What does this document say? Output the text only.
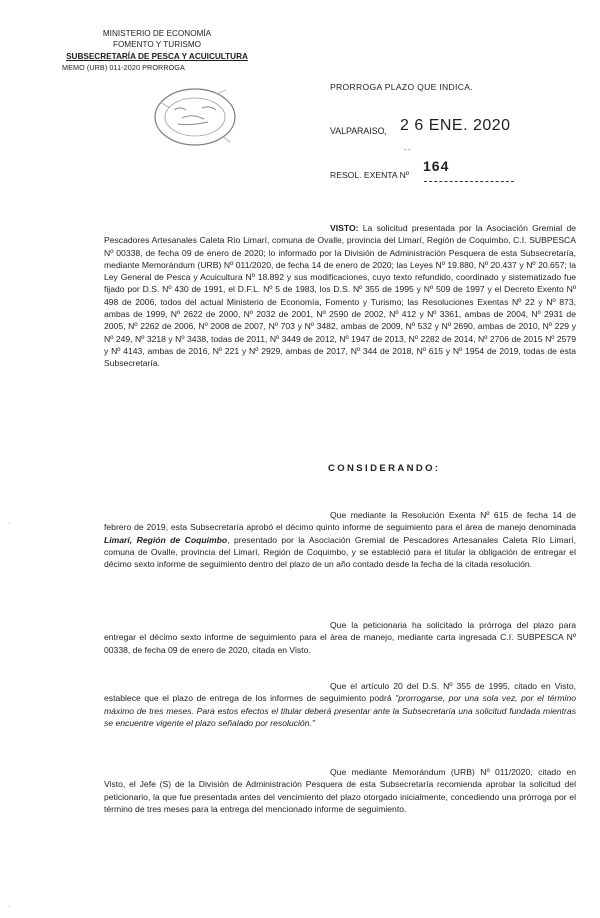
MINISTERIO DE ECONOMÍA
FOMENTO Y TURISMO
SUBSECRETARÍA DE PESCA Y ACUICULTURA
MEMO (URB) 011-2020 PRORROGA
PRORROGA PLAZO QUE INDICA.
VALPARAISO, 2 6 ENE. 2020
- -
RESOL. EXENTA Nº
164
VISTO: La solicitud presentada por la Asociación Gremial de Pescadores Artesanales Caleta Río Limarí, comuna de Ovalle, provincia del Limarí, Región de Coquimbo, C.I. SUBPESCA Nº 00338, de fecha 09 de enero de 2020; lo informado por la División de Administración Pesquera de esta Subsecretaría, mediante Memorándum (URB) Nº 011/2020, de fecha 14 de enero de 2020; las Leyes Nº 19.880, Nº 20.437 y Nº 20.657; la Ley General de Pesca y Acuicultura Nº 18.892 y sus modificaciones, cuyo texto refundido, coordinado y sistematizado fue fijado por D.S. Nº 430 de 1991, el D.F.L. Nº 5 de 1983, los D.S. Nº 355 de 1995 y Nº 509 de 1997 y el Decreto Exento Nº 498 de 2006, todos del actual Ministerio de Economía, Fomento y Turismo; las Resoluciones Exentas Nº 22 y Nº 873, ambas de 1999, Nº 2622 de 2000, Nº 2032 de 2001, Nº 2590 de 2002, Nº 412 y Nº 3361, ambas de 2004, Nº 2931 de 2005, Nº 2262 de 2006, Nº 2008 de 2007, Nº 703 y Nº 3482, ambas de 2009, Nº 532 y Nº 2690, ambas de 2010, Nº 229 y Nº 249, Nº 3218 y Nº 3438, todas de 2011, Nº 3449 de 2012, Nº 1947 de 2013, Nº 2282 de 2014, Nº 2706 de 2015 Nº 2579 y Nº 4143, ambas de 2016, Nº 221 y Nº 2929, ambas de 2017, Nº 344 de 2018, Nº 615 y Nº 1954 de 2019, todas de esta Subsecretaría.
CONSIDERANDO:
Que mediante la Resolución Exenta Nº 615 de fecha 14 de febrero de 2019, esta Subsecretaría aprobó el décimo quinto informe de seguimiento para el área de manejo denominada Limarí, Región de Coquimbo, presentado por la Asociación Gremial de Pescadores Artesanales Caleta Río Limarí, comuna de Ovalle, provincia del Limarí, Región de Coquimbo, y se estableció para el titular la obligación de entregar el décimo sexto informe de seguimiento dentro del plazo de un año contado desde la fecha de la citada resolución.
Que la peticionaria ha solicitado la prórroga del plazo para entregar el décimo sexto informe de seguimiento para el área de manejo, mediante carta ingresada C.I. SUBPESCA Nº 00338, de fecha 09 de enero de 2020, citada en Visto.
Que el artículo 20 del D.S. Nº 355 de 1995, citado en Visto, establece que el plazo de entrega de los informes de seguimiento podrá "prorrogarse, por una sola vez, por el término máximo de tres meses. Para estos efectos el titular deberá presentar ante la Subsecretaría una solicitud fundada mientras se encuentre vigente el plazo señalado por resolución."
Que mediante Memorándum (URB) Nº 011/2020, citado en Visto, el Jefe (S) de la División de Administración Pesquera de esta Subsecretaría recomienda aprobar la solicitud del peticionario, la que fue presentada antes del vencimiento del plazo otorgado inicialmente, concediendo una prórroga por el término de tres meses para la entrega del mencionado informe de seguimiento.
·
·
